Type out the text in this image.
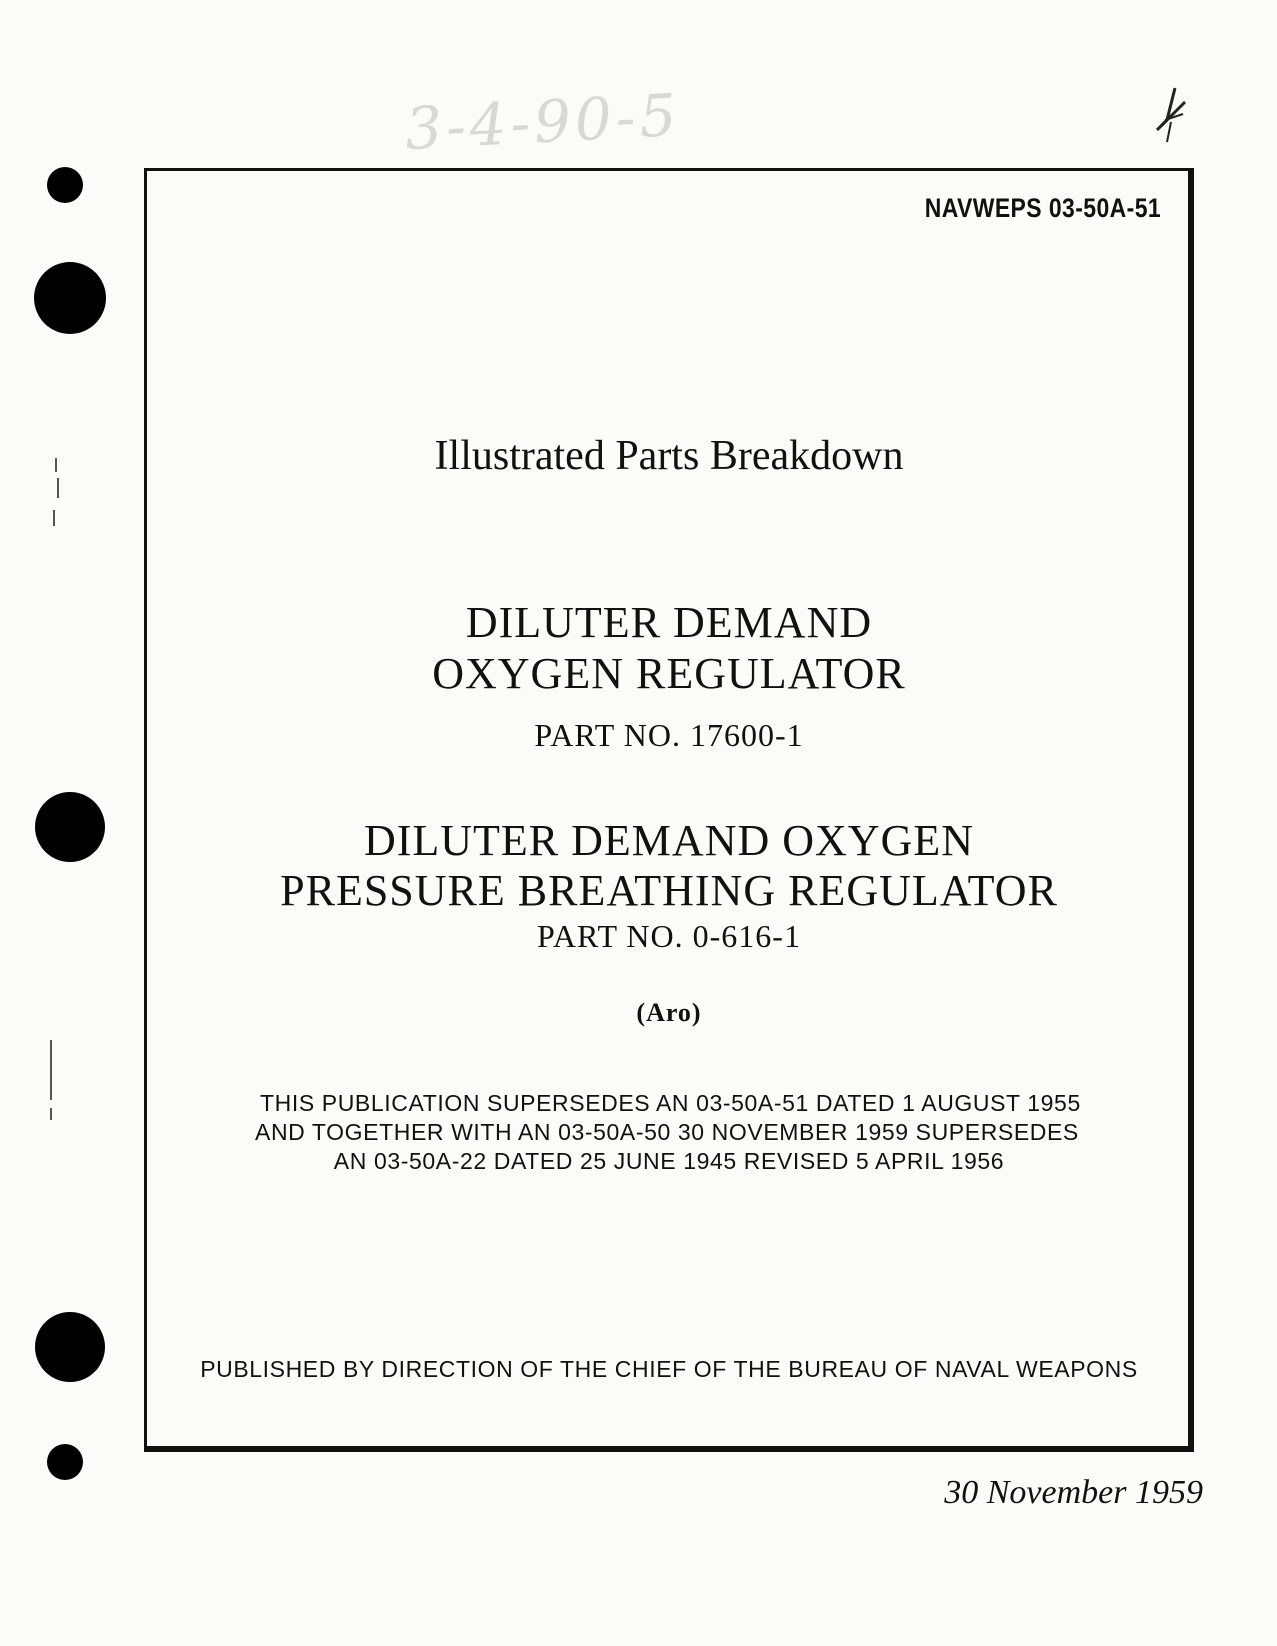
3-4-90-5
NAVWEPS 03-50A-51
Illustrated Parts Breakdown
DILUTER DEMAND
OXYGEN REGULATOR
PART NO. 17600-1
DILUTER DEMAND OXYGEN
PRESSURE BREATHING REGULATOR
PART NO. 0-616-1
(Aro)
THIS PUBLICATION SUPERSEDES AN 03-50A-51 DATED 1 AUGUST 1955
AND TOGETHER WITH AN 03-50A-50 30 NOVEMBER 1959 SUPERSEDES
AN 03-50A-22 DATED 25 JUNE 1945 REVISED 5 APRIL 1956
PUBLISHED BY DIRECTION OF THE CHIEF OF THE BUREAU OF NAVAL WEAPONS
30 November 1959
